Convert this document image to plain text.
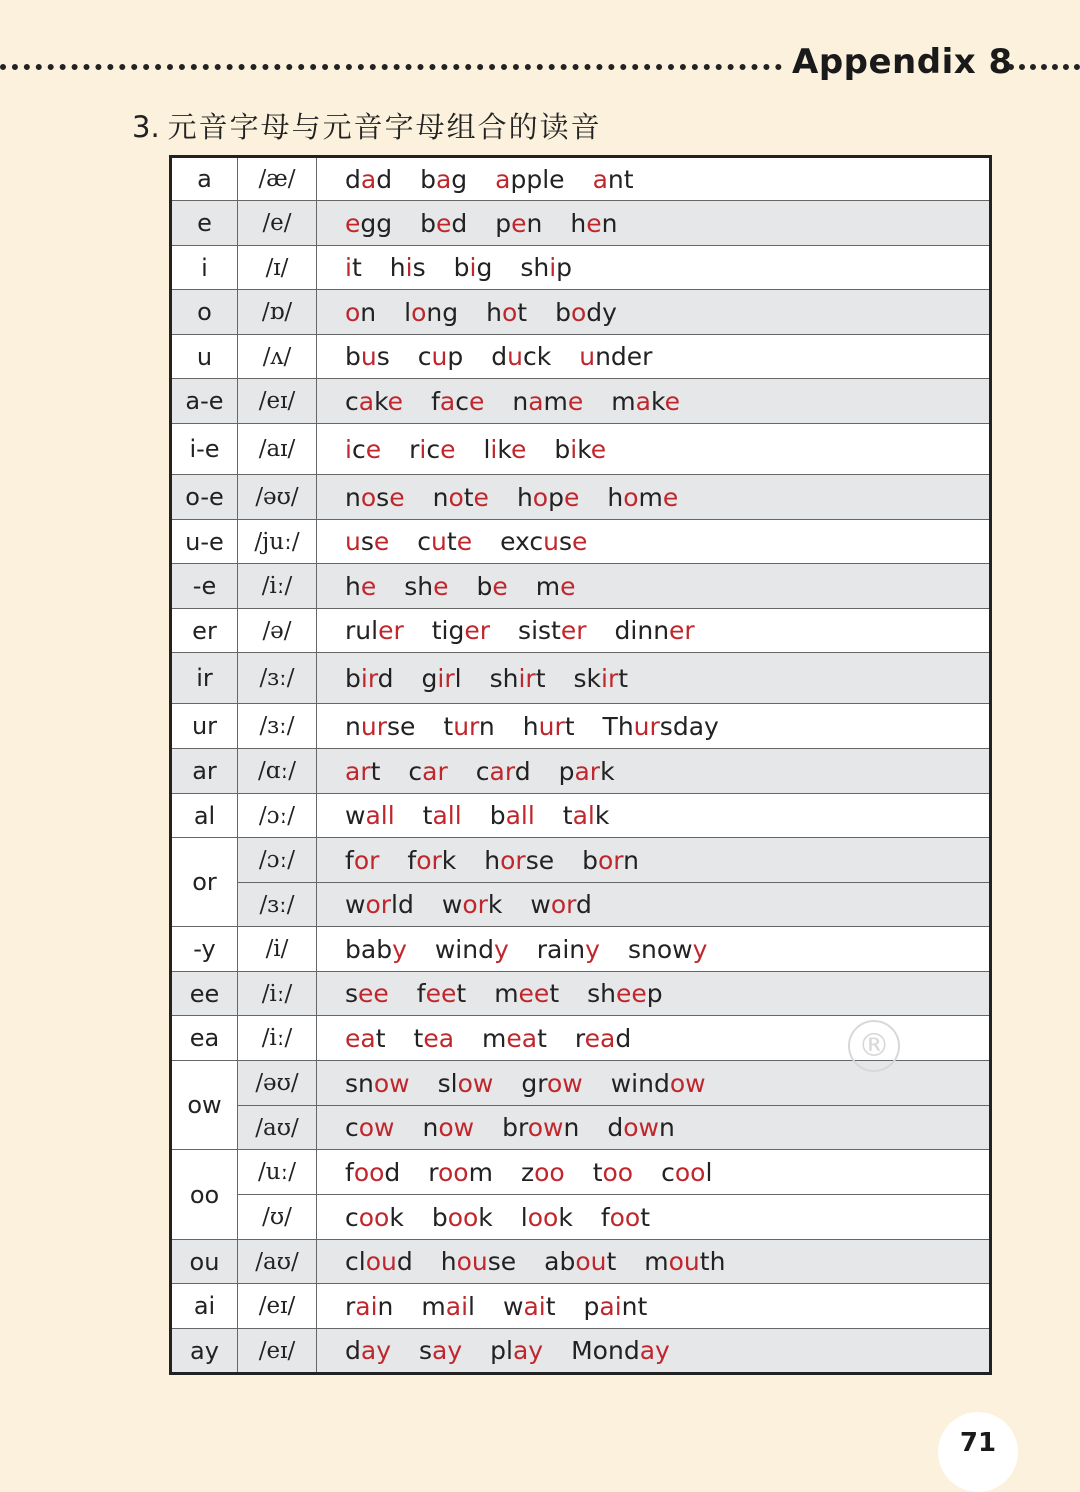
Appendix 8
3. 元音字母与元音字母组合的读音
a	/æ/	dad bag apple ant
e	/e/	egg bed pen hen
i	/ɪ/	it his big ship
o	/ɒ/	on long hot body
u	/ʌ/	bus cup duck under
a-e	/eɪ/	cake face name make
i-e	/aɪ/	ice rice like bike
o-e	/əʊ/	nose note hope home
u-e	/juː/	use cute excuse
-e	/iː/	he she be me
er	/ə/	ruler tiger sister dinner
ir	/ɜː/	bird girl shirt skirt
ur	/ɜː/	nurse turn hurt Thursday
ar	/ɑː/	art car card park
al	/ɔː/	wall tall ball talk
or	/ɔː/	for fork horse born
	/ɜː/	world work word
-y	/i/	baby windy rainy snowy
ee	/iː/	see feet meet sheep
ea	/iː/	eat tea meat read
ow	/əʊ/	snow slow grow window
	/aʊ/	cow now brown down
oo	/uː/	food room zoo too cool
	/ʊ/	cook book look foot
ou	/aʊ/	cloud house about mouth
ai	/eɪ/	rain mail wait paint
ay	/eɪ/	day say play Monday
®
71
